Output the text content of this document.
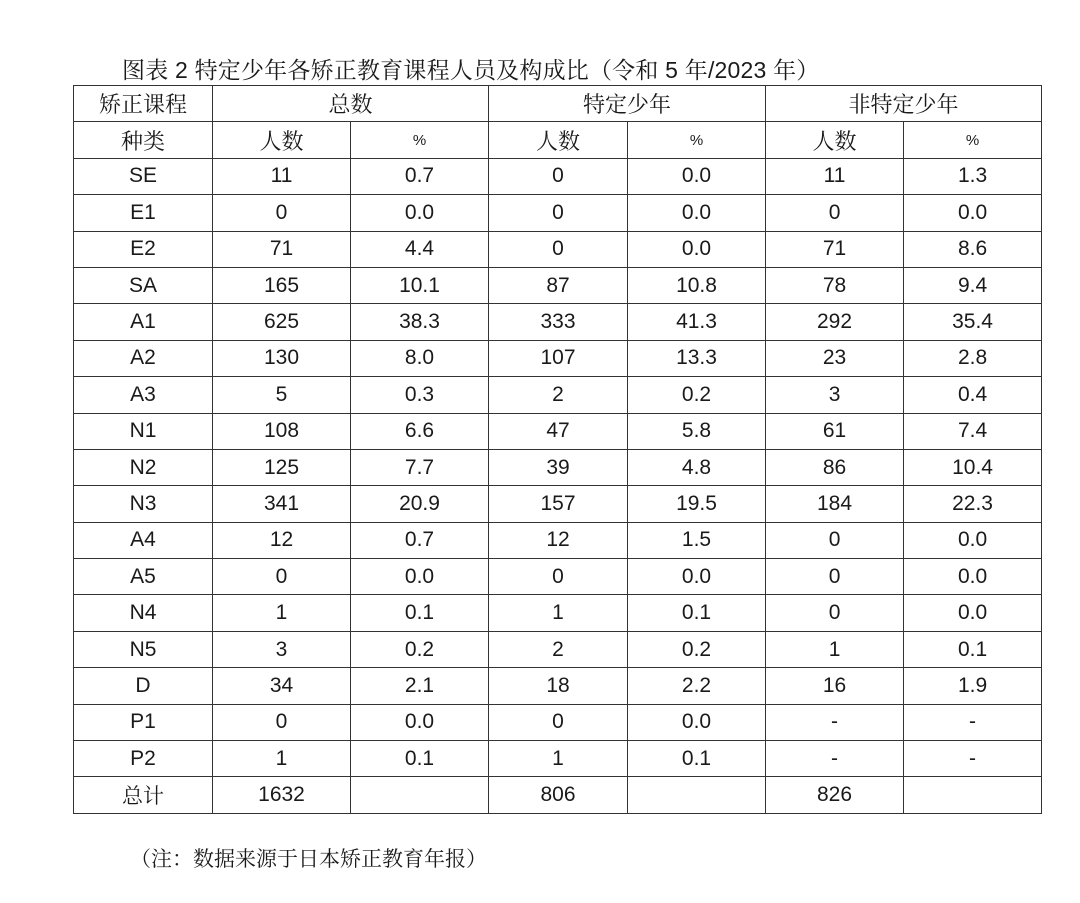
图表 2 特定少年各矫正教育课程人员及构成比（令和 5 年/2023 年）
矫正课程	总数		特定少年		非特定少年	
种类	人数	%	人数	%	人数	%
SE	11	0.7	0	0.0	11	1.3
E1	0	0.0	0	0.0	0	0.0
E2	71	4.4	0	0.0	71	8.6
SA	165	10.1	87	10.8	78	9.4
A1	625	38.3	333	41.3	292	35.4
A2	130	8.0	107	13.3	23	2.8
A3	5	0.3	2	0.2	3	0.4
N1	108	6.6	47	5.8	61	7.4
N2	125	7.7	39	4.8	86	10.4
N3	341	20.9	157	19.5	184	22.3
A4	12	0.7	12	1.5	0	0.0
A5	0	0.0	0	0.0	0	0.0
N4	1	0.1	1	0.1	0	0.0
N5	3	0.2	2	0.2	1	0.1
D	34	2.1	18	2.2	16	1.9
P1	0	0.0	0	0.0	-	-
P2	1	0.1	1	0.1	-	-
总计	1632		806		826	
（注：数据来源于日本矫正教育年报）
